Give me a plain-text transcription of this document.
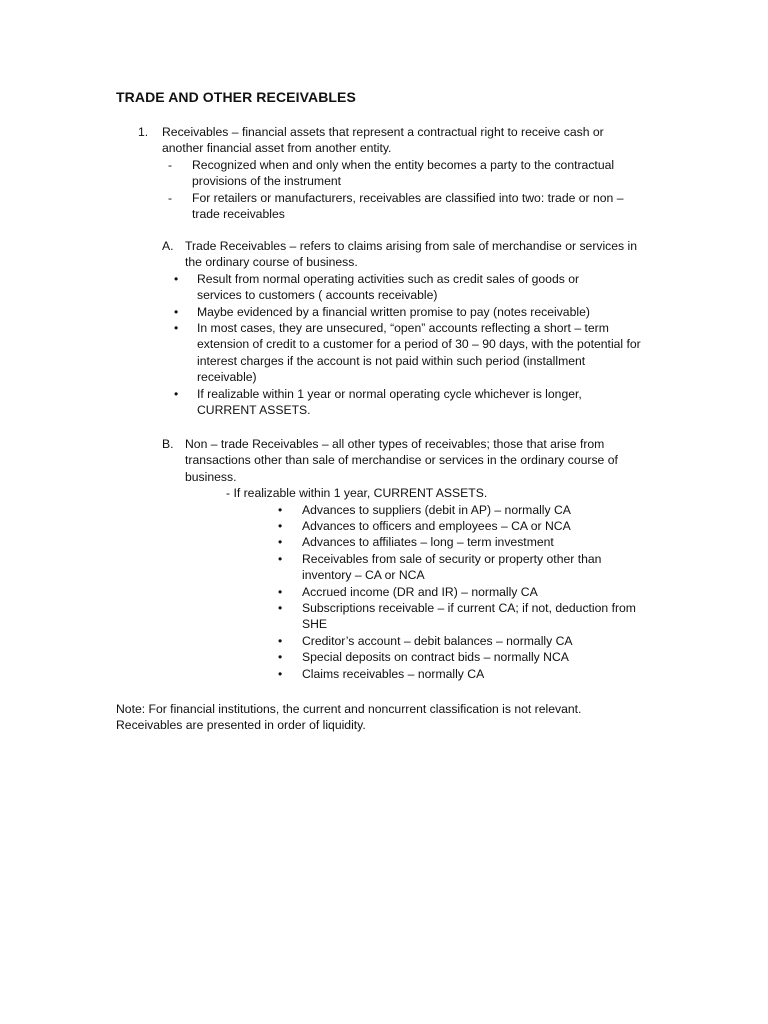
TRADE AND OTHER RECEIVABLES
1. Receivables – financial assets that represent a contractual right to receive cash or another financial asset from another entity.
- Recognized when and only when the entity becomes a party to the contractual provisions of the instrument
- For retailers or manufacturers, receivables are classified into two: trade or non – trade receivables
A. Trade Receivables – refers to claims arising from sale of merchandise or services in the ordinary course of business.
• Result from normal operating activities such as credit sales of goods or services to customers ( accounts receivable)
• Maybe evidenced by a financial written promise to pay (notes receivable)
• In most cases, they are unsecured, “open” accounts reflecting a short – term extension of credit to a customer for a period of 30 – 90 days, with the potential for interest charges if the account is not paid within such period (installment receivable)
• If realizable within 1 year or normal operating cycle whichever is longer, CURRENT ASSETS.
B. Non – trade Receivables – all other types of receivables; those that arise from transactions other than sale of merchandise or services in the ordinary course of business.
- If realizable within 1 year, CURRENT ASSETS.
• Advances to suppliers (debit in AP) – normally CA
• Advances to officers and employees – CA or NCA
• Advances to affiliates – long – term investment
• Receivables from sale of security or property other than inventory – CA or NCA
• Accrued income (DR and IR) – normally CA
• Subscriptions receivable – if current CA; if not, deduction from SHE
• Creditor’s account – debit balances – normally CA
• Special deposits on contract bids – normally NCA
• Claims receivables – normally CA
Note: For financial institutions, the current and noncurrent classification is not relevant. Receivables are presented in order of liquidity.
